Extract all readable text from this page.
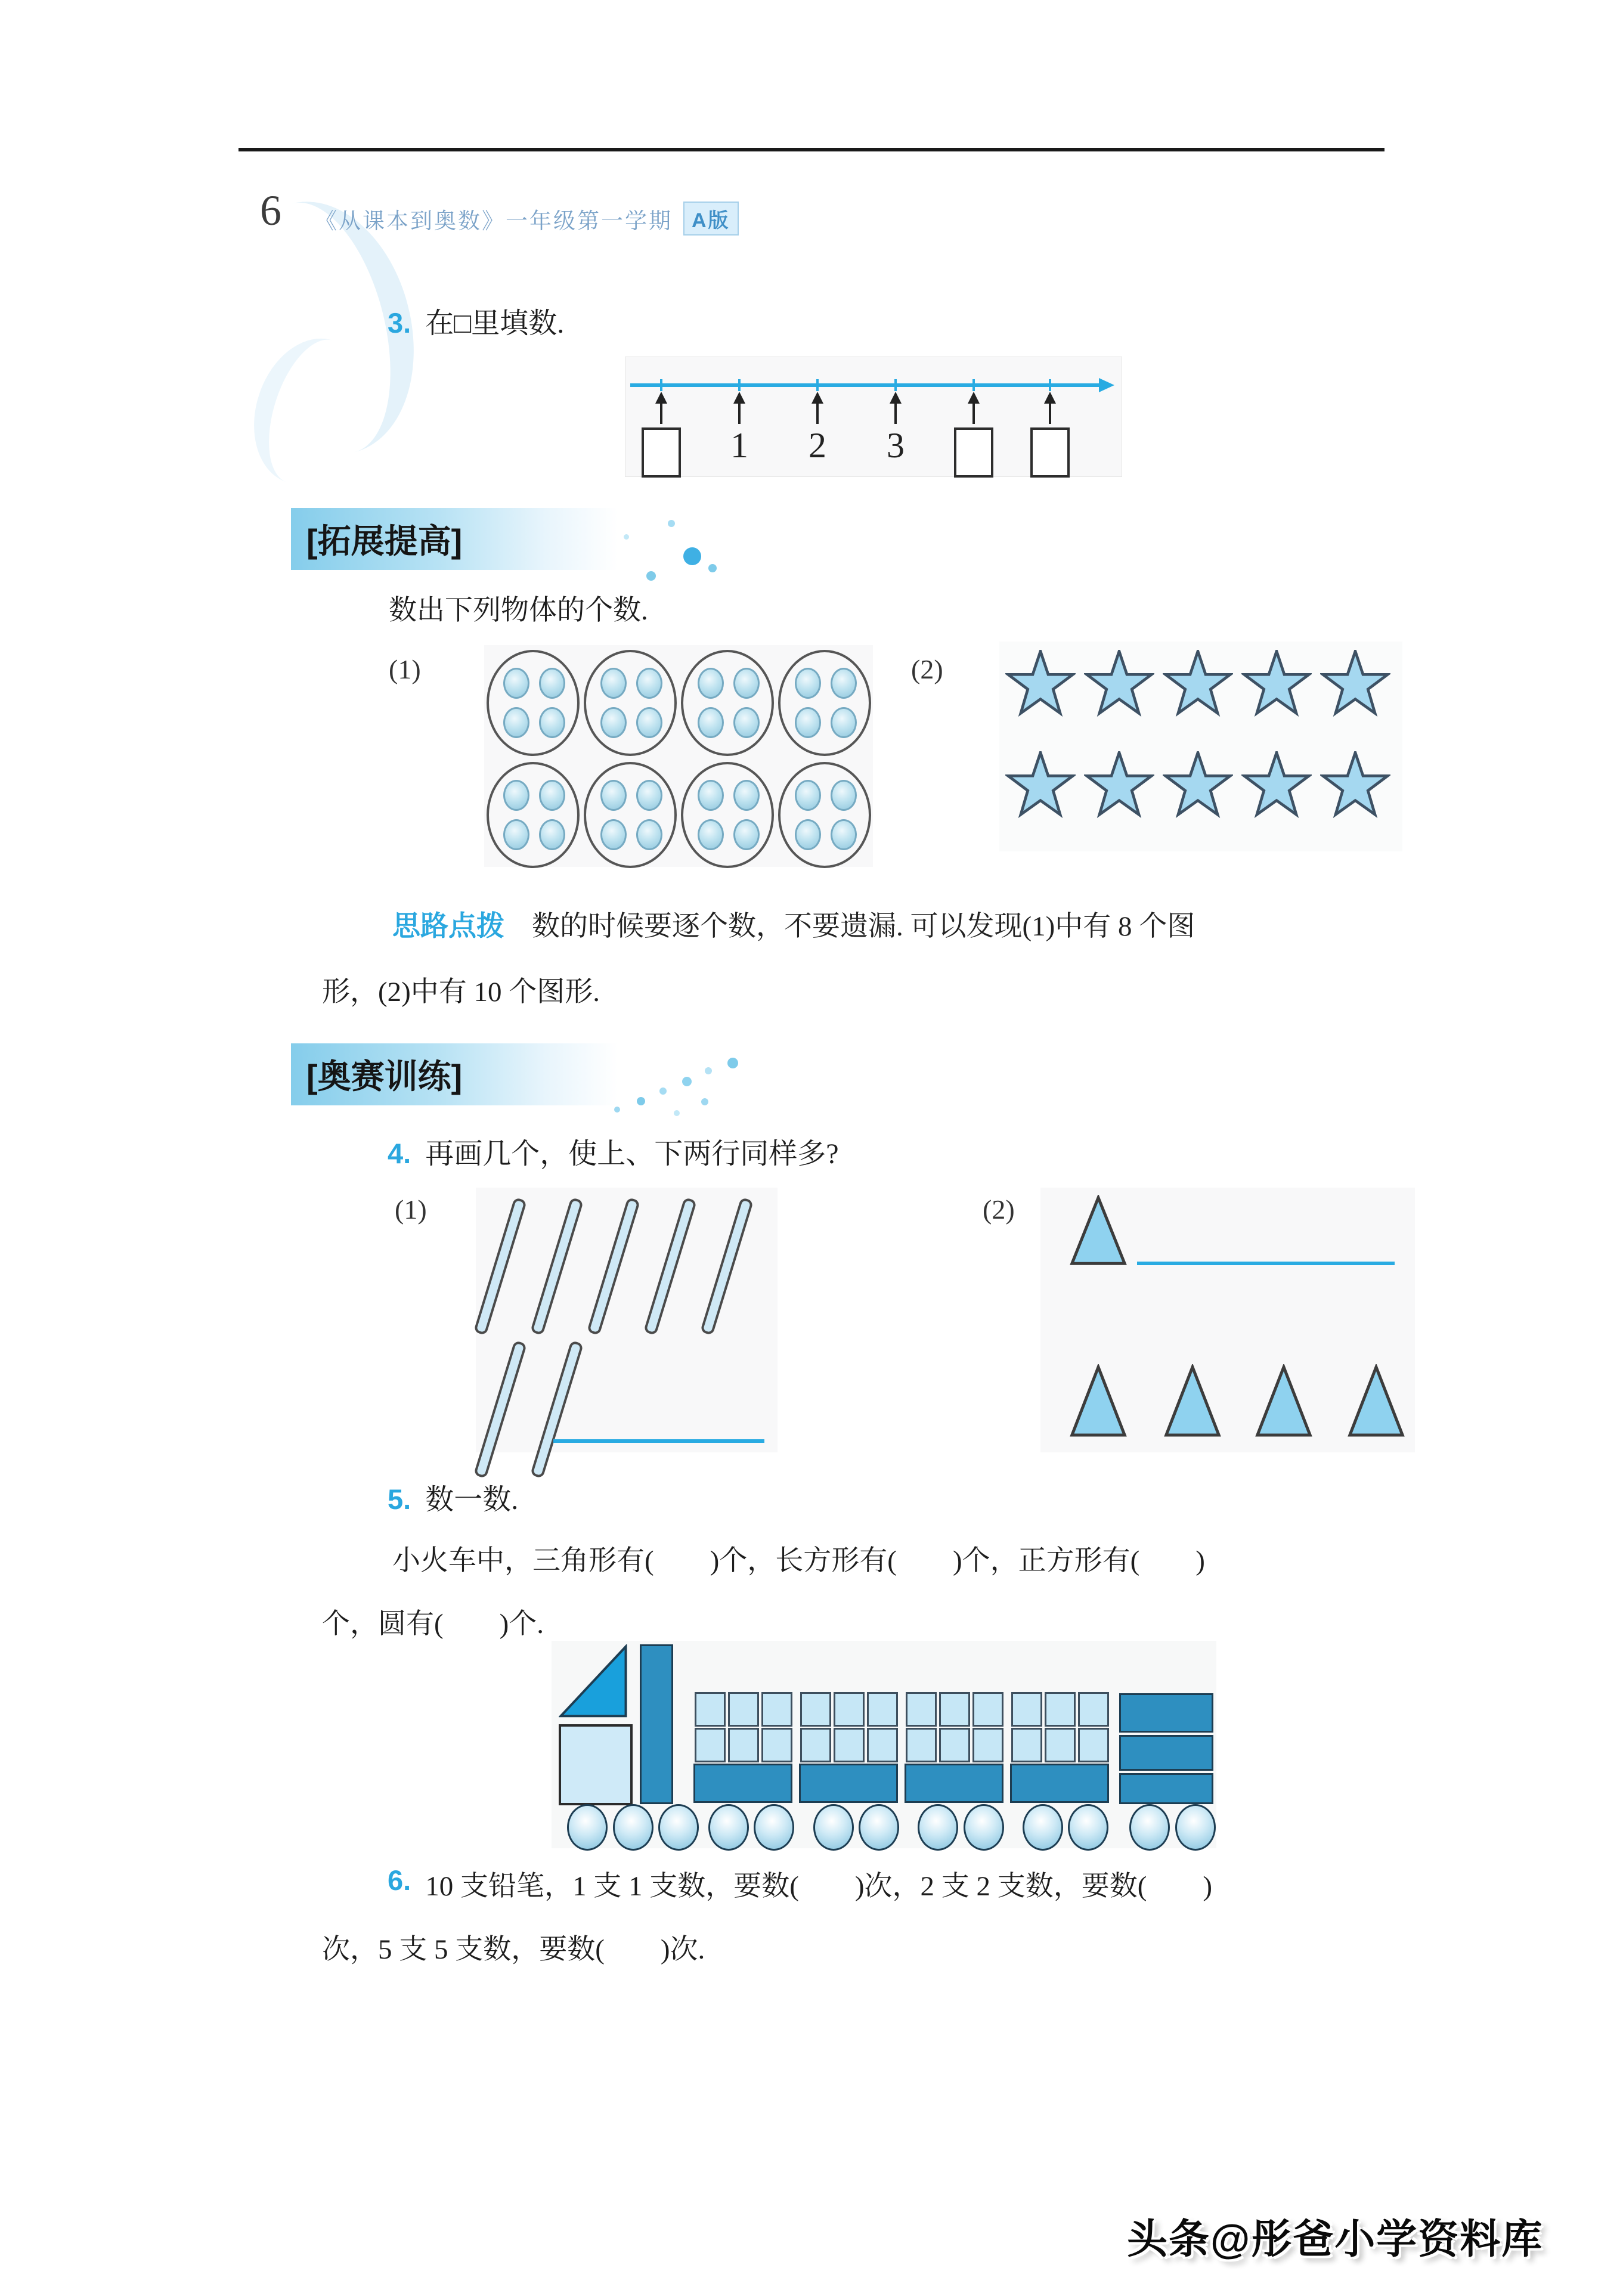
6 《从课本到奥数》一年级第一学期 A版
3. 在□里填数.
1 2 3
[拓展提高]
数出下列物体的个数.
(1)	(2)
思路点拨 数的时候要逐个数，不要遗漏. 可以发现(1)中有 8 个图
形，(2)中有 10 个图形.
[奥赛训练]
4. 再画几个，使上、下两行同样多?
(1)	(2)
5. 数一数.
小火车中，三角形有(　　)个，长方形有(　　)个，正方形有(　　)
个，圆有(　　)个.
6. 10 支铅笔，1 支 1 支数，要数(　　)次，2 支 2 支数，要数(　　)
次，5 支 5 支数，要数(　　)次.
头条@彤爸小学资料库
